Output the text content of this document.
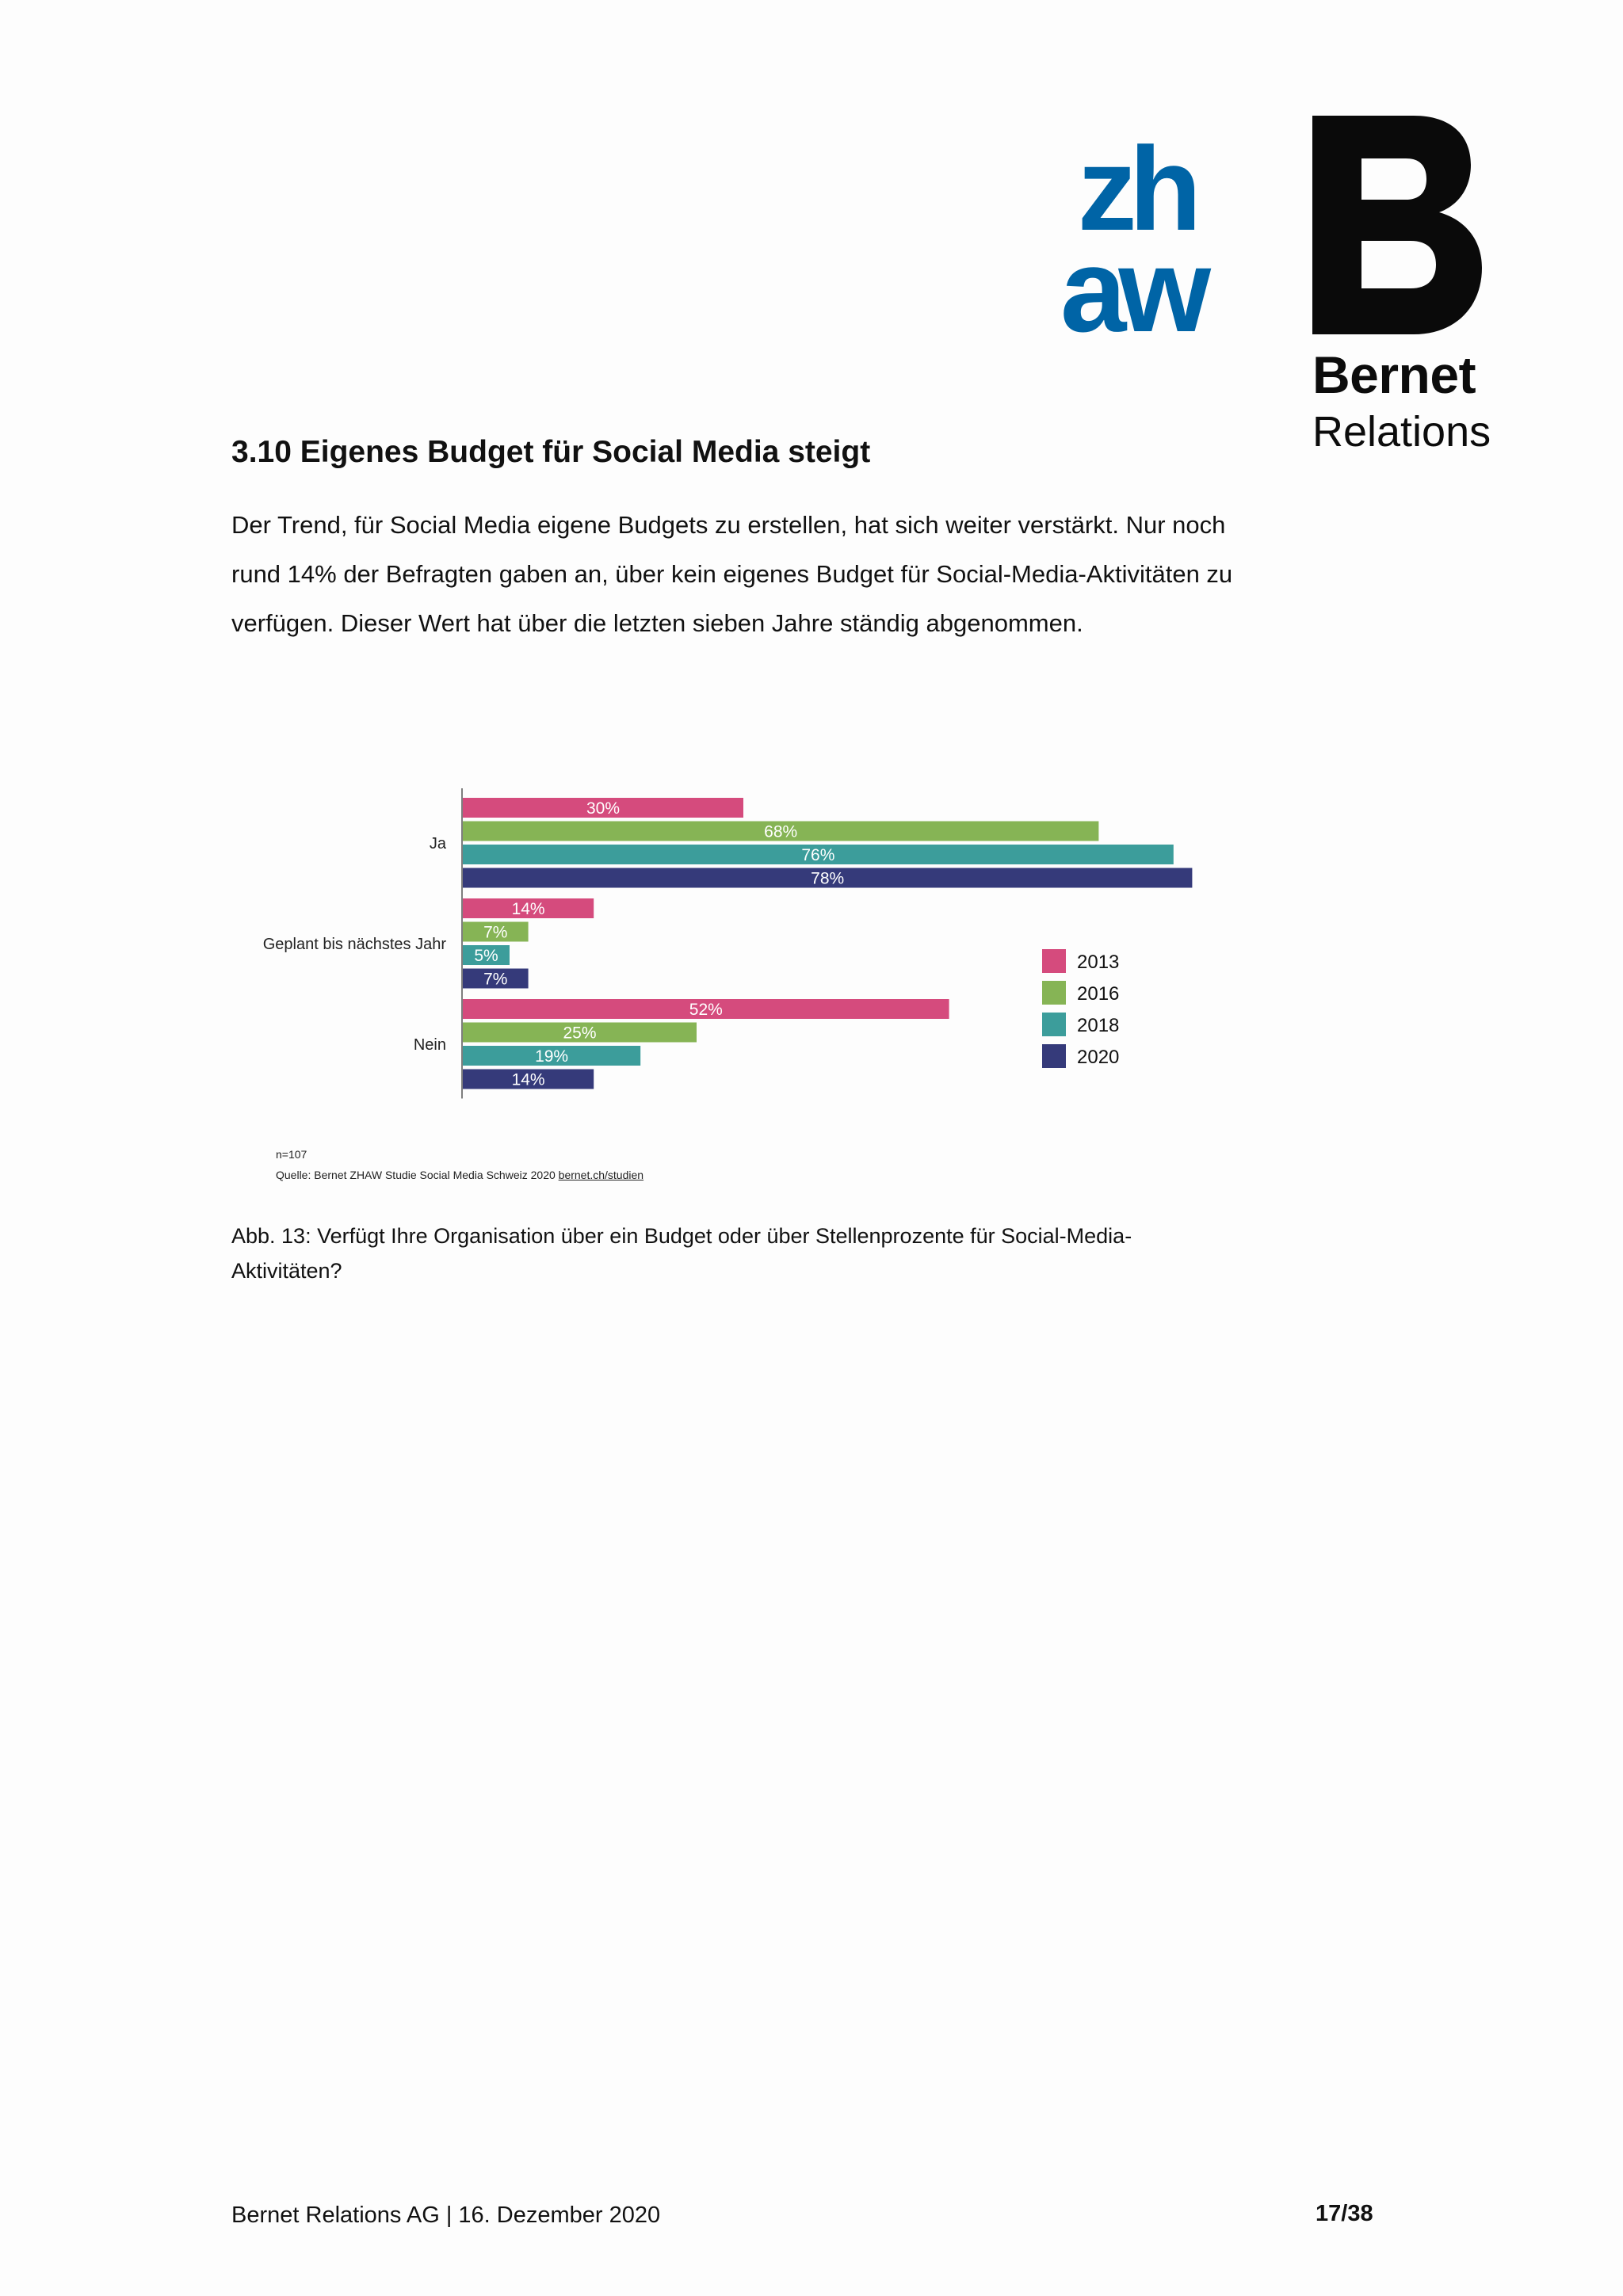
zh
aw
Bernet
Relations
3.10 Eigenes Budget für Social Media steigt

Der Trend, für Social Media eigene Budgets zu erstellen, hat sich weiter verstärkt. Nur noch rund 14% der Befragten gaben an, über kein eigenes Budget für Social-Media-Aktivitäten zu verfügen. Dieser Wert hat über die letzten sieben Jahre ständig abgenommen.

Ja
30%
68%
76%
78%
Geplant bis nächstes Jahr
14%
7%
5%
7%
Nein
52%
25%
19%
14%
2013
2016
2018
2020
n=107
Quelle: Bernet ZHAW Studie Social Media Schweiz 2020 bernet.ch/studien

Abb. 13: Verfügt Ihre Organisation über ein Budget oder über Stellenprozente für Social-Media-Aktivitäten?

Bernet Relations AG | 16. Dezember 2020	17/38
